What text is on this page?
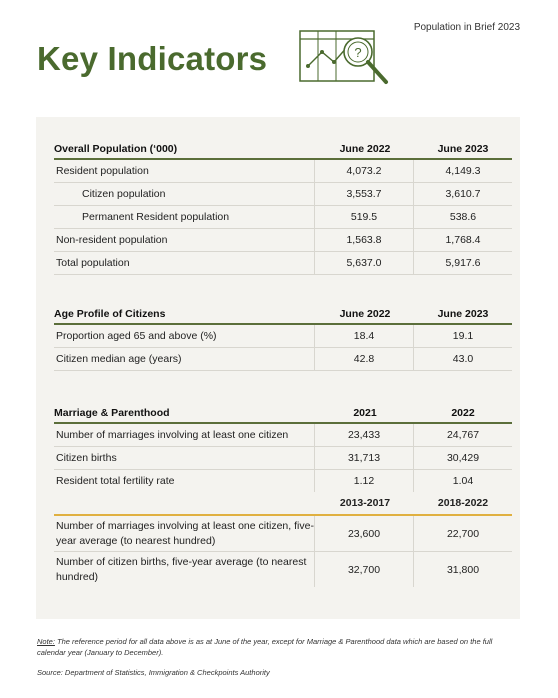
Population in Brief 2023
Key Indicators	?
Overall Population (‘000)	June 2022	June 2023
Resident population	4,073.2	4,149.3
Citizen population	3,553.7	3,610.7
Permanent Resident population	519.5	538.6
Non-resident population	1,563.8	1,768.4
Total population	5,637.0	5,917.6
Age Profile of Citizens	June 2022	June 2023
Proportion aged 65 and above (%)	18.4	19.1
Citizen median age (years)	42.8	43.0
Marriage & Parenthood	2021	2022
Number of marriages involving at least one citizen	23,433	24,767
Citizen births	31,713	30,429
Resident total fertility rate	1.12	1.04
2013-2017	2018-2022
Number of marriages involving at least one citizen, five-year average (to nearest hundred)
23,600	22,700
Number of citizen births, five-year average (to nearest hundred)
32,700	31,800
Note: The reference period for all data above is as at June of the year, except for Marriage & Parenthood data which are based on the full calendar year (January to December).
Source: Department of Statistics, Immigration & Checkpoints Authority
